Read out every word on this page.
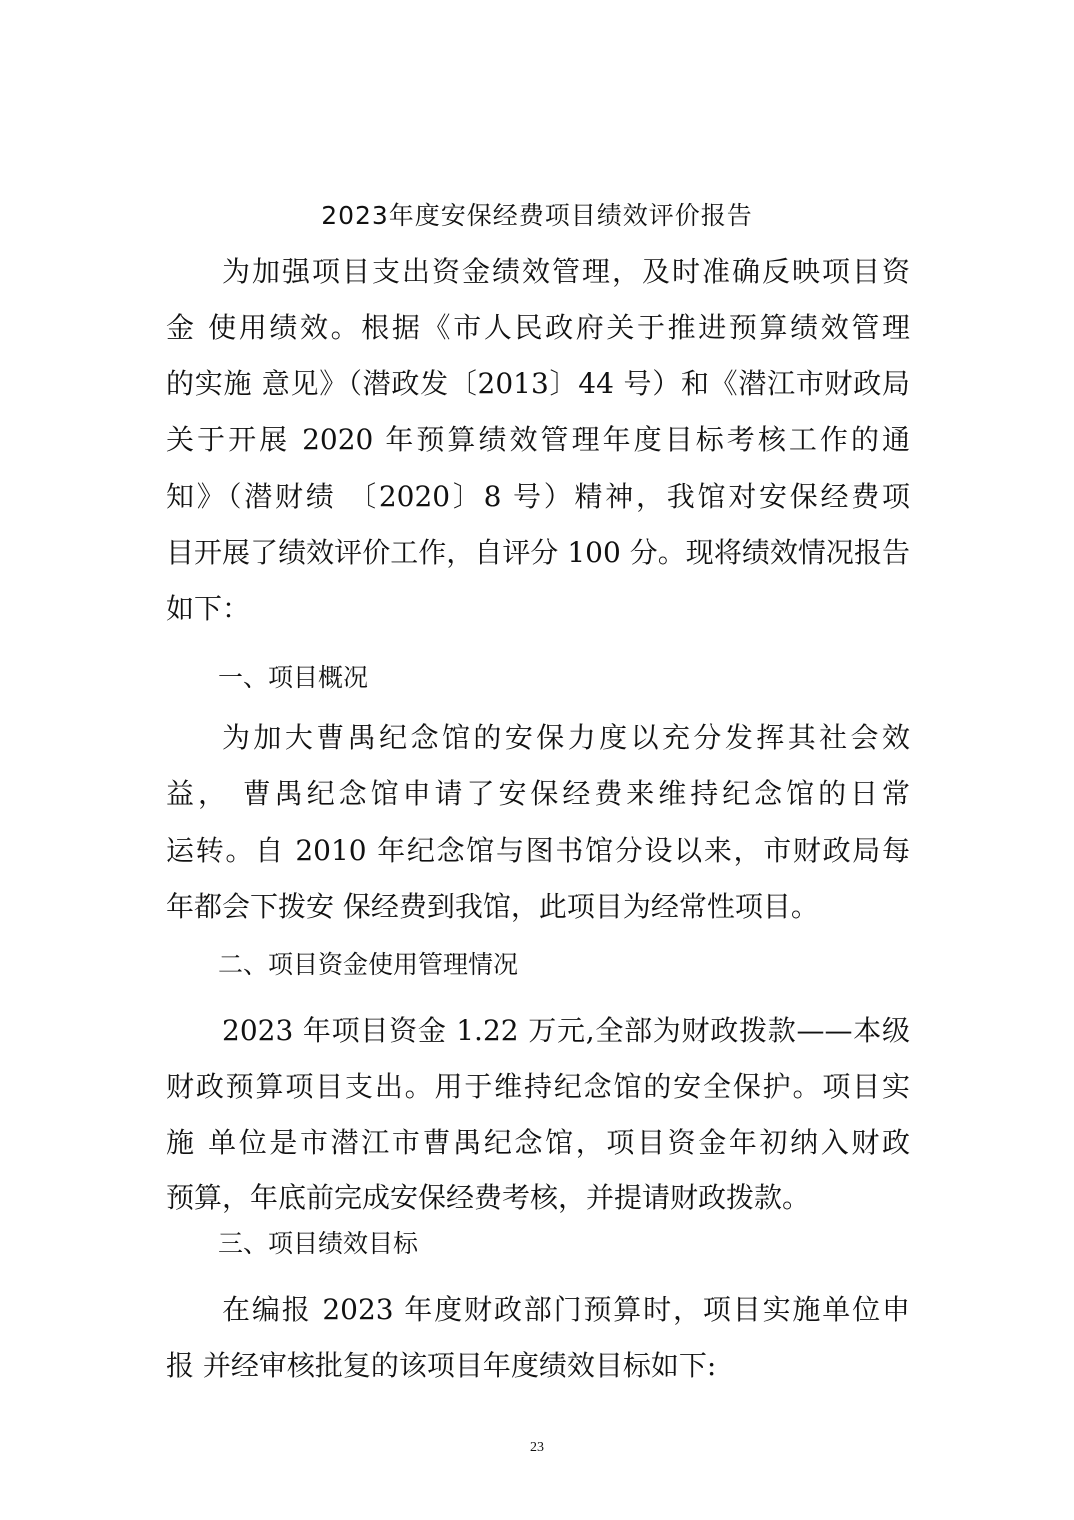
2023年度安保经费项目绩效评价报告
为加强项目支出资金绩效管理，及时准确反映项目资
金 使用绩效。根据《市人民政府关于推进预算绩效管理
的实施 意见》（潜政发〔2013〕44 号）和《潜江市财政局
关于开展 2020 年预算绩效管理年度目标考核工作的通
知》（潜财绩 〔2020〕8 号）精神，我馆对安保经费项
目开展了绩效评价工作，自评分 100 分。现将绩效情况报告
如下：
一、项目概况
为加大曹禺纪念馆的安保力度以充分发挥其社会效
益， 曹禺纪念馆申请了安保经费来维持纪念馆的日常
运转。自 2010 年纪念馆与图书馆分设以来，市财政局每
年都会下拨安 保经费到我馆，此项目为经常性项目。
二、项目资金使用管理情况
2023 年项目资金 1.22 万元,全部为财政拨款——本级
财政预算项目支出。用于维持纪念馆的安全保护。项目实
施 单位是市潜江市曹禺纪念馆，项目资金年初纳入财政
预算，年底前完成安保经费考核，并提请财政拨款。
三、项目绩效目标
在编报 2023 年度财政部门预算时，项目实施单位申
报 并经审核批复的该项目年度绩效目标如下:
23
